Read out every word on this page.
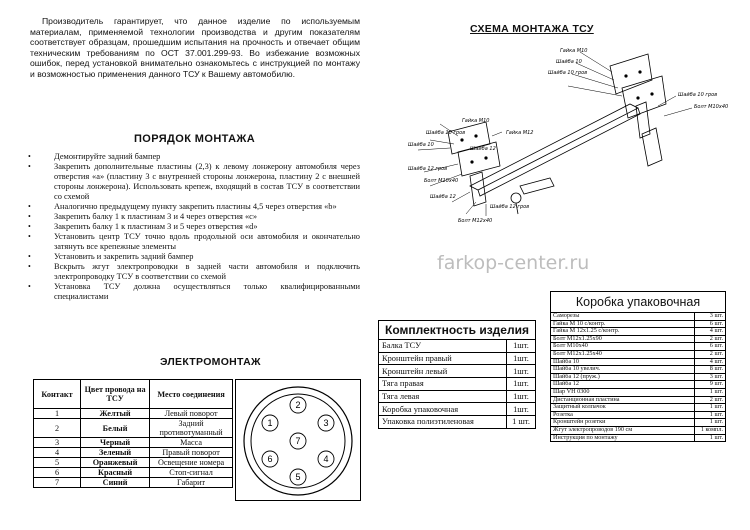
Производитель гарантирует, что данное изделие по используемым материалам, применяемой технологии производства и другим показателям соответствует образцам, прошедшим испытания на прочность и отвечает общим техническим требованиям по ОСТ 37.001.299-93. Во избежание возможных ошибок, перед установкой внимательно ознакомьтесь с инструкцией по монтажу и возможностью применения данного ТСУ к Вашему автомобилю.
СХЕМА МОНТАЖА ТСУ
Гайка М10
Шайба 10
Шайба 10 гров
Шайба 10 гров
Болт М10х40
Гайка М10
Шайба 10 гров	Гайка М12
Шайба 10
Шайба 12
Шайба 12 гров
Болт М10х40
Шайба 12
Болт М12х40
Шайба 12 гров
farkop-center.ru
ПОРЯДОК МОНТАЖА
• Демонтируйте задний бампер
• Закрепить дополнительные пластины (2,3) к левому лонжерону автомобиля через отверстия «a» (пластину 3 с внутренней стороны лонжерона, пластину 2 с внешней стороны лонжерона). Использовать крепеж, входящий в состав ТСУ в соответствии со схемой
• Аналогично предыдущему пункту закрепить пластины 4,5 через отверстия «b»
• Закрепить балку 1 к пластинам 3 и 4 через отверстия «c»
• Закрепить балку 1 к пластинам 3 и 5 через отверстия «d»
• Установить центр ТСУ точно вдоль продольной оси автомобиля и окончательно затянуть все крепежные элементы
• Установить и закрепить задний бампер
• Вскрыть жгут электропроводки в задней части автомобиля и подключить электропроводку ТСУ в соответствии со схемой
• Установка ТСУ должна осуществляться только квалифицированными специалистами
ЭЛЕКТРОМОНТАЖ
Контакт	Цвет провода на ТСУ	Место соединения
1	Желтый	Левый поворот
2	Белый	Задний противотуманный
3	Черный	Масса
4	Зеленый	Правый поворот
5	Оранжевый	Освещение номера
6	Красный	Стоп-сигнал
7	Синий	Габарит
1
2
3
4
5
6
7
Комплектность изделия	
Балка ТСУ	1шт.
Кронштейн правый	1шт.
Кронштейн левый	1шт.
Тяга правая	1шт.
Тяга левая	1шт.
Коробка упаковочная	1шт.
Упаковка полиэтиленовая	1 шт.
Коробка упаковочная	
Саморезы	3 шт.
Гайка М 10 с/контр.	6 шт.
Гайка М 12x1.25 с/контр.	4 шт.
Болт М12x1.25x90	2 шт.
Болт М10x40	6 шт.
Болт М12x1.25x40	2 шт.
Шайба 10	4 шт.
Шайба 10 увелич.	8 шт.
Шайба 12 (пруж.)	3 шт.
Шайба 12	9 шт.
Шар VH 0300	1 шт.
Дистанционная пластина	2 шт.
Защитный колпачок	1 шт.
Розетка	1 шт.
Кронштейн розетки	1 шт.
Жгут электропроводов 190 см	1 компл.
Инструкция по монтажу	1 шт.
